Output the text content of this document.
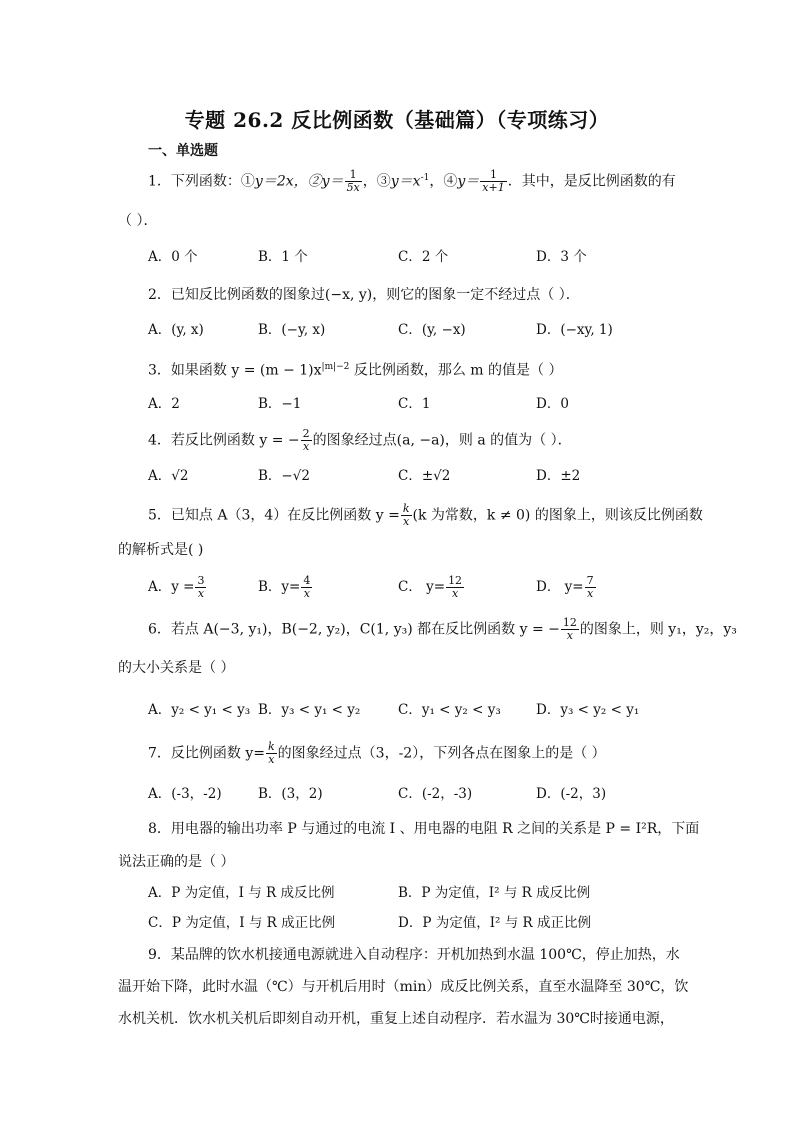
专题 26.2 反比例函数（基础篇）（专项练习）
一、单选题
1．下列函数：①y＝2x，②y＝ $\frac{1}{5x}$ ，$③y=x^{-1}$，④y＝ $\frac{1}{x+1}$ ．其中，是反比例函数的有
（ ）．
A．0 个	B．1 个	C．2 个	D．3 个
2．已知反比例函数的图象过(−x, y)，则它的图象一定不经过点（ ）．
A．(y, x)	B．(−y, x)	C．(y, −x)	D．(−xy, 1)
3．如果函数 $y = (m - 1)x^{|m|-2}$ 反比例函数，那么 m 的值是（ ）
A．2	B．−1	C．1	D．0
4．若反比例函数 y = − $\frac{2}{x}$ 的图象经过点(a, −a)，则 a 的值为（ ）．
A．√2	B．−√2	C．±√2	D．±2
5．已知点 A（3，4）在反比例函数 $y = \frac{k}{x} (k$ 为常数，k ≠ 0) 的图象上，则该反比例函数
的解析式是( )
A．$y = \frac{3}{x}$	B．$y= \frac{4}{x}$	C． $y= \frac{12}{x}$	D． $y= \frac{7}{x}$
6．若点 A(−3, y₁)，B(−2, y₂)，C(1, y₃) 都在反比例函数 y = − $\frac{12}{x}$ 的图象上，则 y₁，y₂，y₃
的大小关系是（ ）
A．y₂ < y₁ < y₃ B．y₃ < y₁ < y₂	C．y₁ < y₂ < y₃	D．y₃ < y₂ < y₁
7．反比例函数 $y= \frac{k}{x}$ 的图象经过点（3，-2），下列各点在图象上的是（ ）
A．(-3，-2)	B．(3，2)	C．(-2，-3)	D．(-2，3)
8．用电器的输出功率 P 与通过的电流 I 、用电器的电阻 R 之间的关系是 P = I²R，下面
说法正确的是（ ）
A．P 为定值，I 与 R 成反比例	B．P 为定值，I² 与 R 成反比例
C．P 为定值，I 与 R 成正比例	D．P 为定值，I² 与 R 成正比例
9．某品牌的饮水机接通电源就进入自动程序：开机加热到水温 100℃，停止加热，水
温开始下降，此时水温（℃）与开机后用时（min）成反比例关系，直至水温降至 30℃，饮
水机关机．饮水机关机后即刻自动开机，重复上述自动程序．若水温为 30℃时接通电源，
